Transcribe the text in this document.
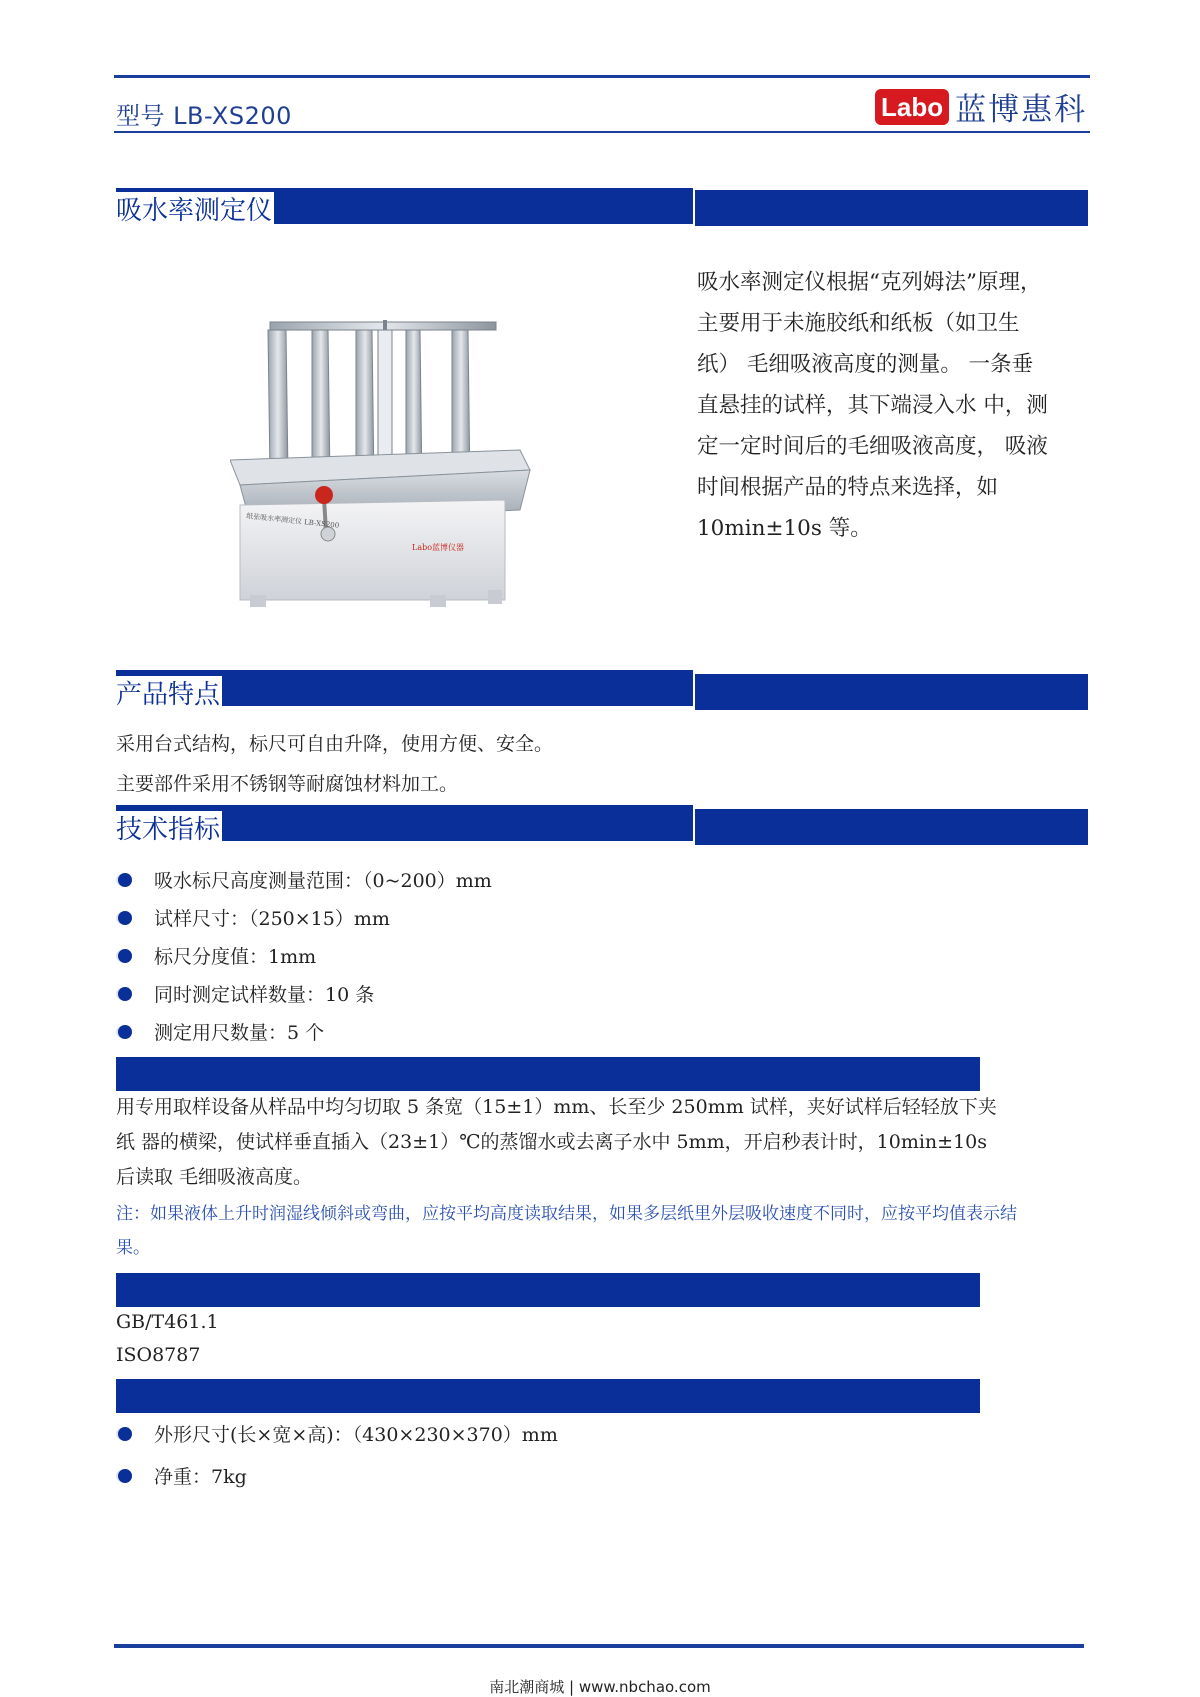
型号 LB-XS200	Labo 蓝博惠科
吸水率测定仪
纸张吸水率测定仪 LB-XS200
Labo蓝博仪器

吸水率测定仪根据“克列姆法”原理，

主要用于未施胶纸和纸板（如卫生

纸） 毛细吸液高度的测量。 一条垂

直悬挂的试样，其下端浸入水 中，测

定一定时间后的毛细吸液高度， 吸液

时间根据产品的特点来选择，如

10min±10s 等。

产品特点
采用台式结构，标尺可自由升降，使用方便、安全。
主要部件采用不锈钢等耐腐蚀材料加工。
技术指标
吸水标尺高度测量范围：（0~200）mm
试样尺寸：（250×15）mm
标尺分度值：1mm
同时测定试样数量：10 条
测定用尺数量：5 个
用专用取样设备从样品中均匀切取 5 条宽（15±1）mm、长至少 250mm 试样，夹好试样后轻轻放下夹
纸 器的横梁，使试样垂直插入（23±1）℃的蒸馏水或去离子水中 5mm，开启秒表计时，10min±10s
后读取 毛细吸液高度。
注：如果液体上升时润湿线倾斜或弯曲，应按平均高度读取结果，如果多层纸里外层吸收速度不同时，应按平均值表示结
果。
GB/T461.1
ISO8787
外形尺寸(长×宽×高)：（430×230×370）mm
净重：7kg
南北潮商城 | www.nbchao.com
